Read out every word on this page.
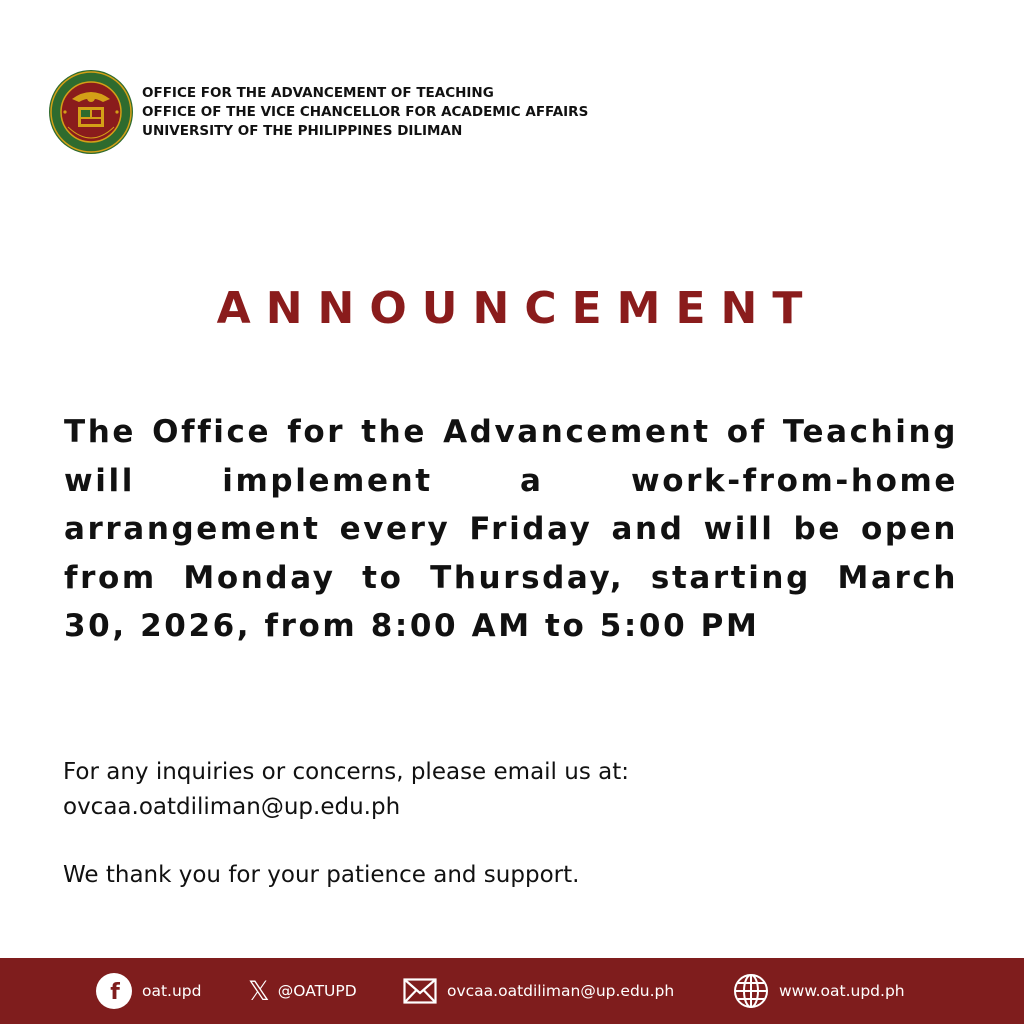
OFFICE FOR THE ADVANCEMENT OF TEACHING
OFFICE OF THE VICE CHANCELLOR FOR ACADEMIC AFFAIRS
UNIVERSITY OF THE PHILIPPINES DILIMAN
ANNOUNCEMENT
The Office for the Advancement of Teaching will implement a work-from-home arrangement every Friday and will be open from Monday to Thursday, starting March 30, 2026, from 8:00 AM to 5:00 PM
For any inquiries or concerns, please email us at:
ovcaa.oatdiliman@up.edu.ph
We thank you for your patience and support.
f oat.upd 𝕏 @OATUPD	ovcaa.oatdiliman@up.edu.ph	www.oat.upd.ph
